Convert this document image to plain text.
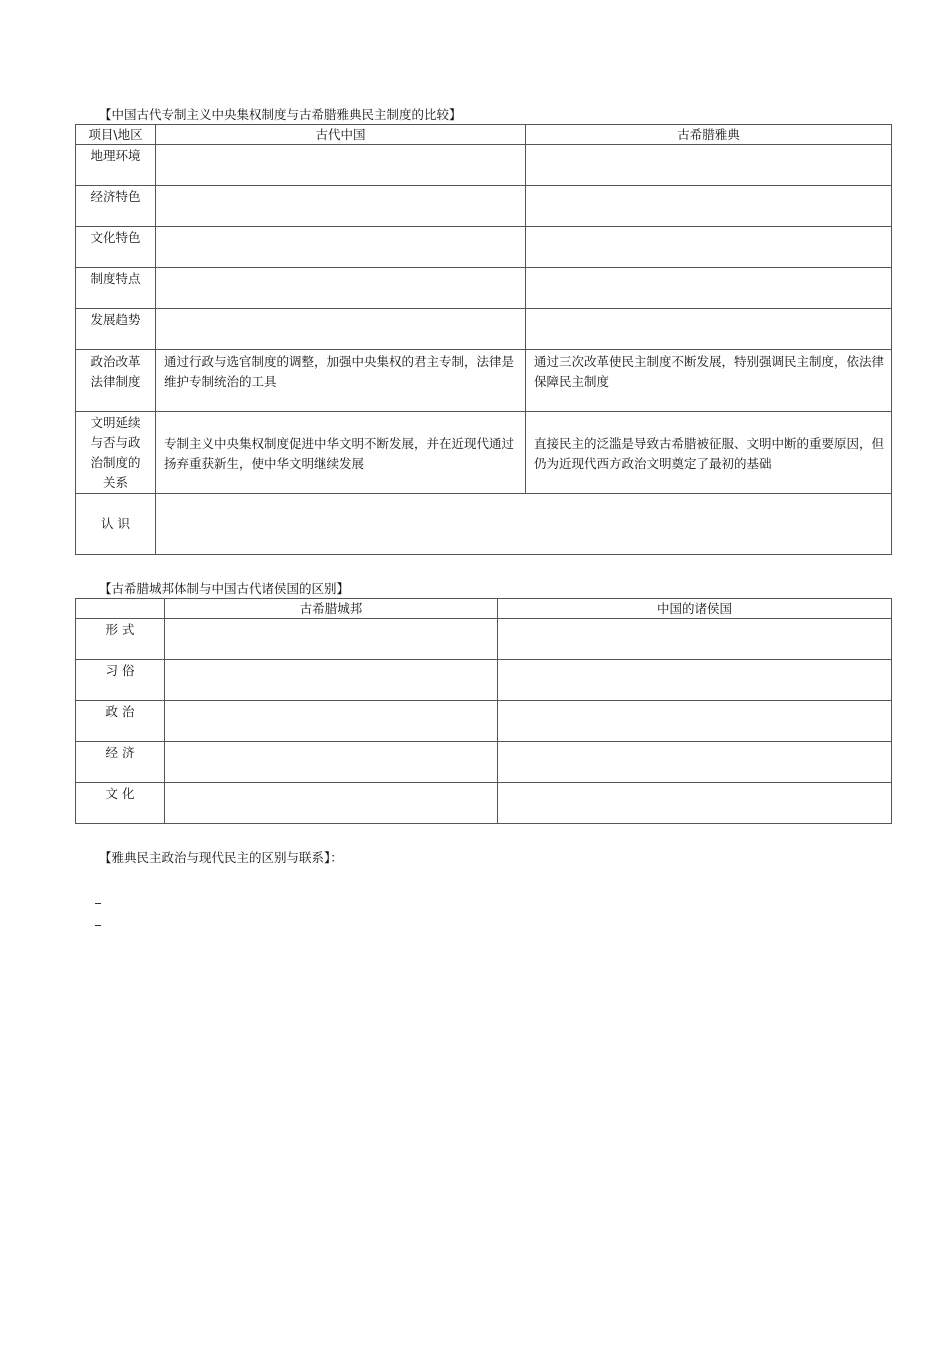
【中国古代专制主义中央集权制度与古希腊雅典民主制度的比较】
项目\地区	古代中国	古希腊雅典
地理环境		
经济特色		
文化特色		
制度特点		
发展趋势		
政治改革法律制度	通过行政与选官制度的调整，加强中央集权的君主专制，法律是维护专制统治的工具	通过三次改革使民主制度不断发展，特别强调民主制度，依法律保障民主制度
文明延续与否与政治制度的关系	专制主义中央集权制度促进中华文明不断发展，并在近现代通过扬弃重获新生，使中华文明继续发展	直接民主的泛滥是导致古希腊被征服、文明中断的重要原因，但仍为近现代西方政治文明奠定了最初的基础
认 识		
【古希腊城邦体制与中国古代诸侯国的区别】
	古希腊城邦	中国的诸侯国
形 式		
习 俗		
政 治		
经 济		
文 化		
【雅典民主政治与现代民主的区别与联系】：
